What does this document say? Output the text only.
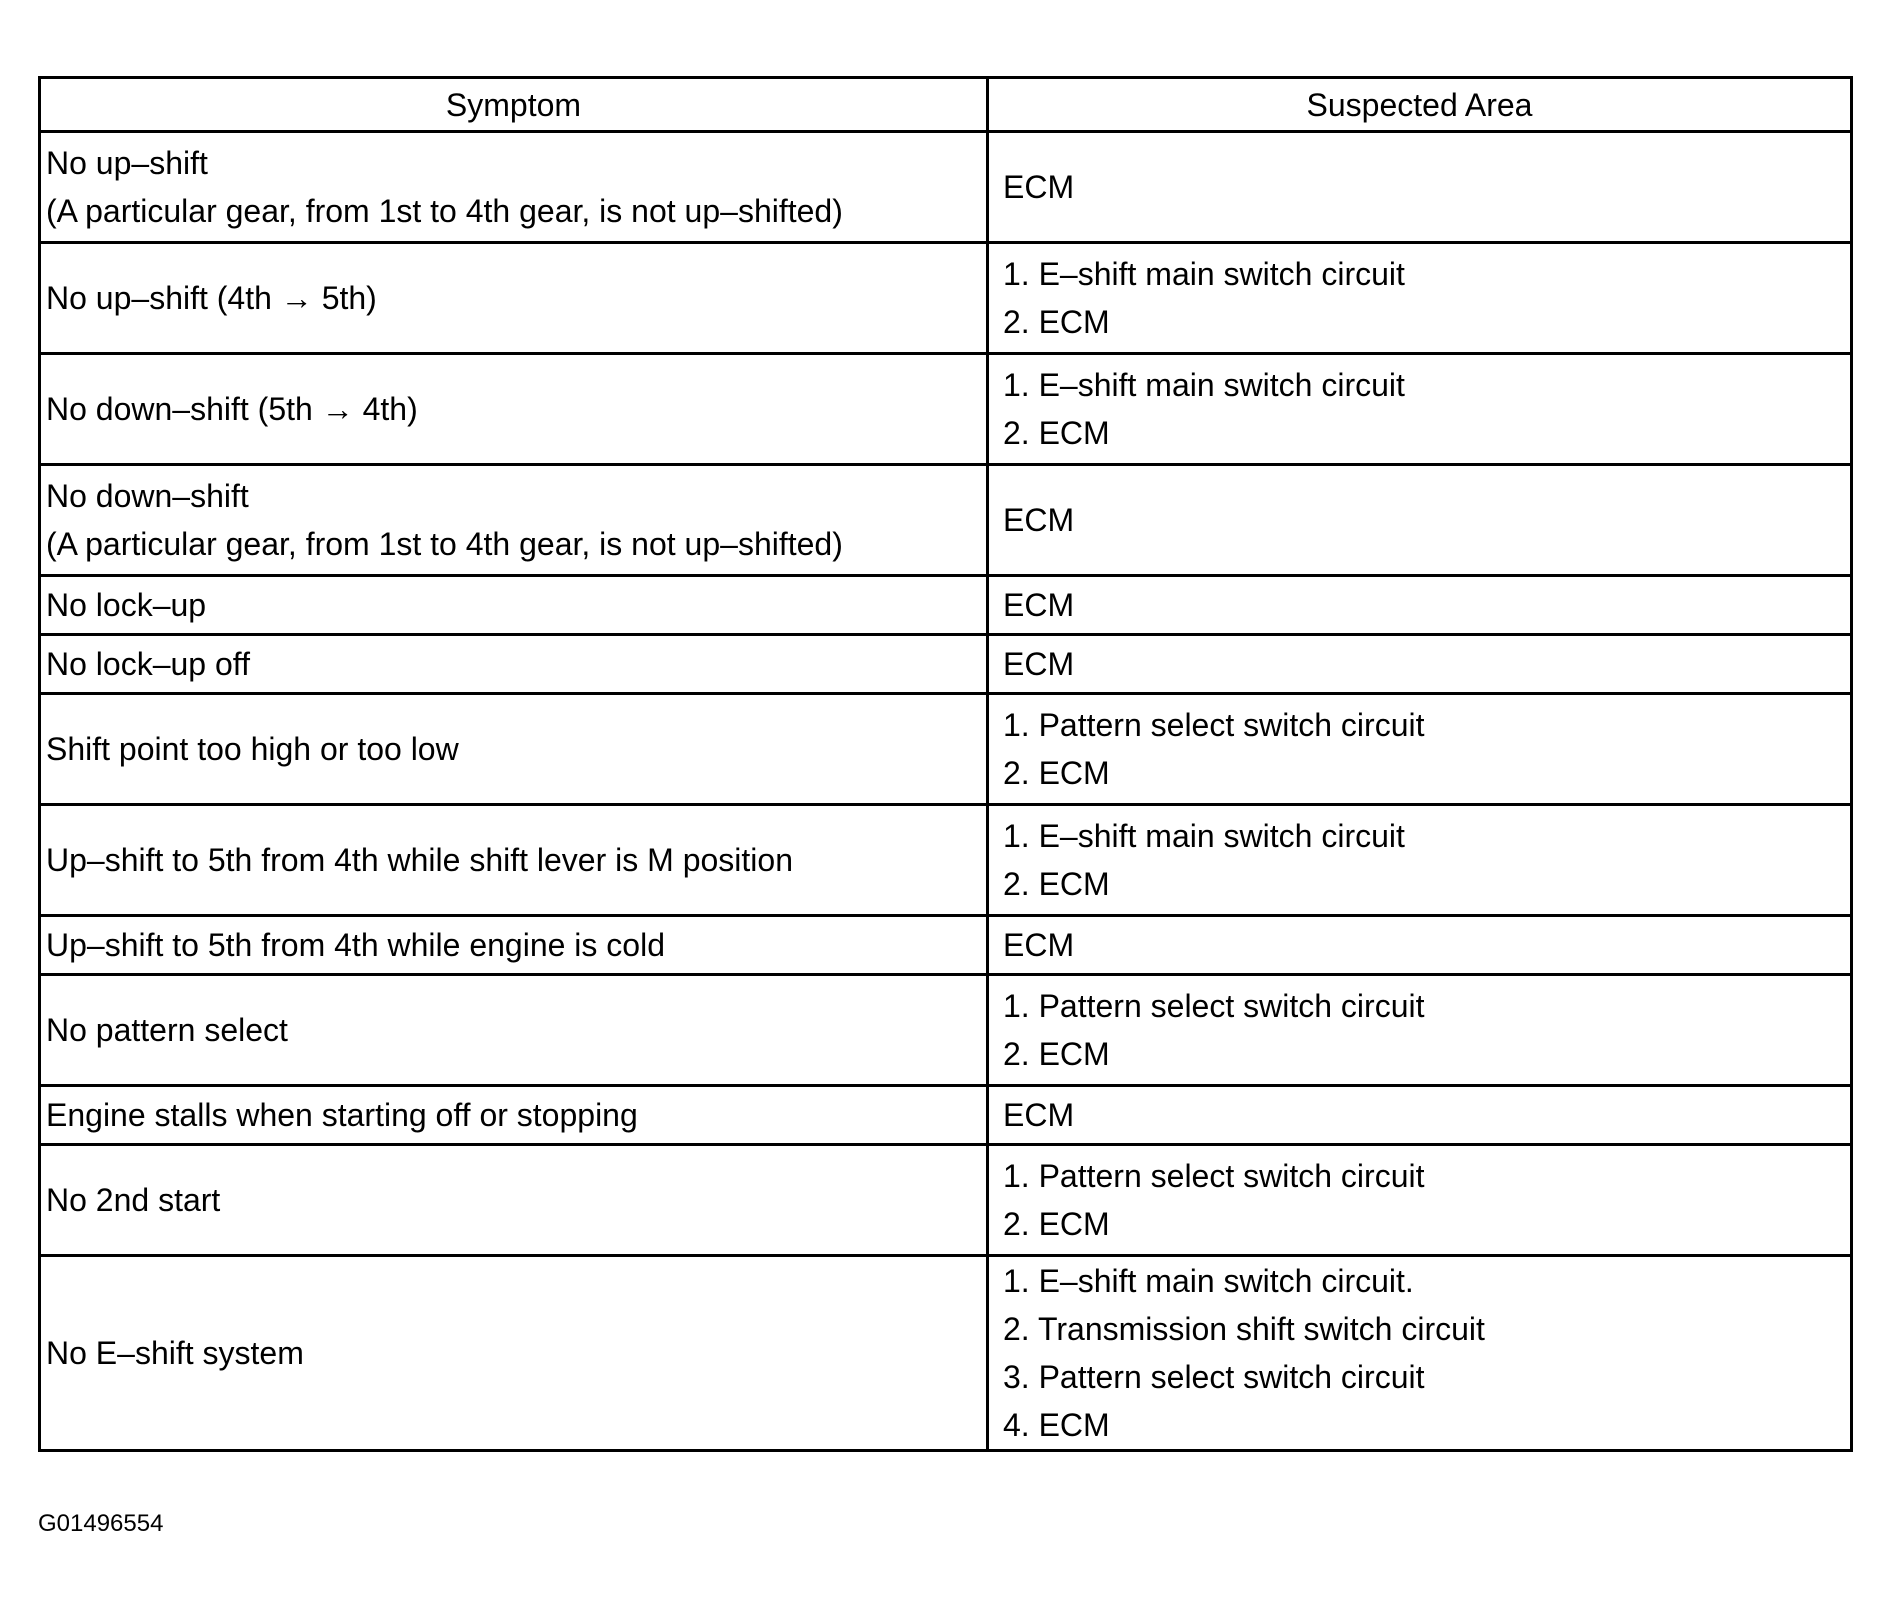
Symptom	Suspected Area

No up–shift
(A particular gear, from 1st to 4th gear, is not up–shifted)	ECM

No up–shift (4th → 5th)	1. E–shift main switch circuit
2. ECM

No down–shift (5th → 4th)	1. E–shift main switch circuit
2. ECM

No down–shift
(A particular gear, from 1st to 4th gear, is not up–shifted)	ECM

No lock–up	ECM

No lock–up off	ECM

Shift point too high or too low	1. Pattern select switch circuit
2. ECM

Up–shift to 5th from 4th while shift lever is M position	1. E–shift main switch circuit
2. ECM

Up–shift to 5th from 4th while engine is cold	ECM

No pattern select	1. Pattern select switch circuit
2. ECM

Engine stalls when starting off or stopping	ECM

No 2nd start	1. Pattern select switch circuit
2. ECM

No E–shift system	1. E–shift main switch circuit.
2. Transmission shift switch circuit
3. Pattern select switch circuit
4. ECM
G01496554
